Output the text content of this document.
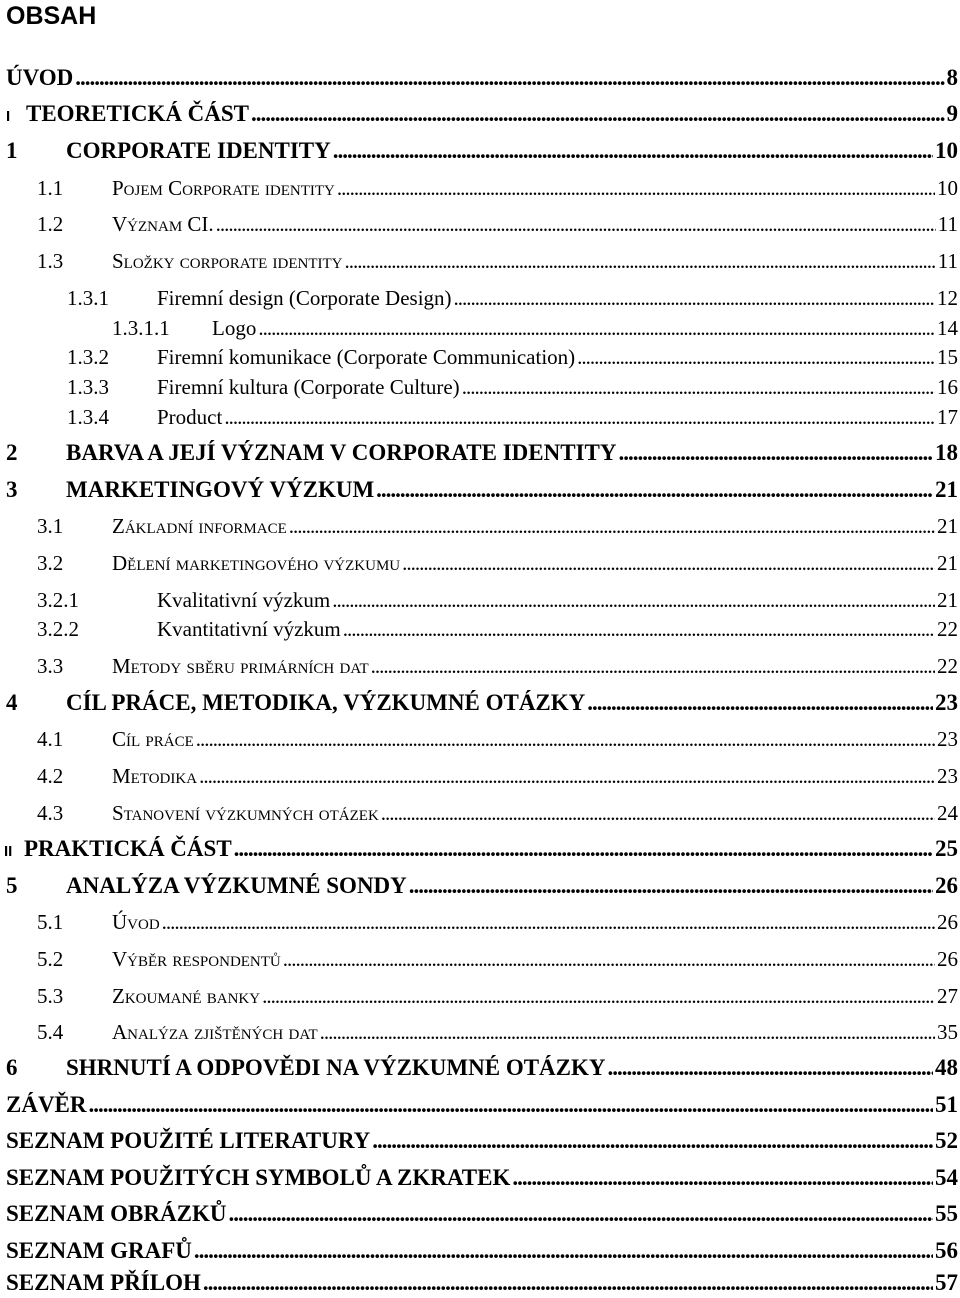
OBSAH
ÚVOD .....	8
I TEORETICKÁ ČÁST .....	9
1	CORPORATE IDENTITY .....	10
1.1	Pojem Corporate identity .....	10
1.2	Význam CI. .....	11
1.3	Složky corporate identity .....	11
1.3.1	Firemní design (Corporate Design) .....	12
1.3.1.1	Logo .....	14
1.3.2	Firemní komunikace (Corporate Communication) .....	15
1.3.3	Firemní kultura (Corporate Culture) .....	16
1.3.4	Product .....	17
2	BARVA A JEJÍ VÝZNAM V CORPORATE IDENTITY .....	18
3	MARKETINGOVÝ VÝZKUM .....	21
3.1	Základní informace .....	21
3.2	Dělení marketingového výzkumu .....	21
3.2.1	Kvalitativní výzkum .....	21
3.2.2	Kvantitativní výzkum .....	22
3.3	Metody sběru primárních dat .....	22
4	CÍL PRÁCE, METODIKA, VÝZKUMNÉ OTÁZKY .....	23
4.1	Cíl práce .....	23
4.2	Metodika .....	23
4.3	Stanovení výzkumných otázek .....	24
II PRAKTICKÁ ČÁST .....	25
5	ANALÝZA VÝZKUMNÉ SONDY .....	26
5.1	Úvod .....	26
5.2	Výběr respondentů .....	26
5.3	Zkoumané banky .....	27
5.4	Analýza zjištěných dat .....	35
6	SHRNUTÍ A ODPOVĚDI NA VÝZKUMNÉ OTÁZKY .....	48
ZÁVĚR .....	51
SEZNAM POUŽITÉ LITERATURY .....	52
SEZNAM POUŽITÝCH SYMBOLŮ A ZKRATEK .....	54
SEZNAM OBRÁZKŮ .....	55
SEZNAM GRAFŮ .....	56
SEZNAM PŘÍLOH .....	57
